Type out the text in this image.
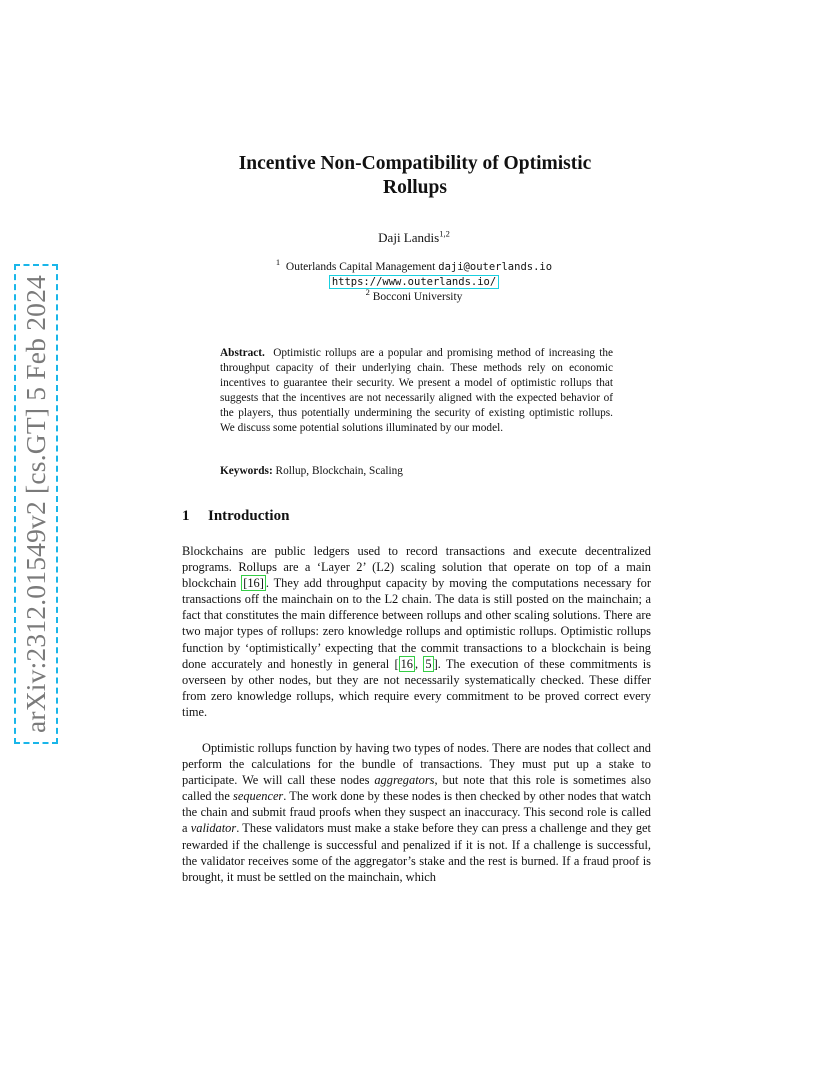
arXiv:2312.01549v2 [cs.GT] 5 Feb 2024
Incentive Non-Compatibility of Optimistic
Rollups
Daji Landis$^{1,2}$
$^1$ Outerlands Capital Management daji@outerlands.io
https://www.outerlands.io/
$^2$ Bocconi University

Abstract. Optimistic rollups are a popular and promising method of increasing the throughput capacity of their underlying chain. These methods rely on economic incentives to guarantee their security. We present a model of optimistic rollups that suggests that the incentives are not necessarily aligned with the expected behavior of the players, thus potentially undermining the security of existing optimistic rollups. We discuss some potential solutions illuminated by our model.

Keywords: Rollup, Blockchain, Scaling

1 Introduction

Blockchains are public ledgers used to record transactions and execute decentralized programs. Rollups are a ‘Layer 2’ (L2) scaling solution that operate on top of a main blockchain [16] . They add throughput capacity by moving the computations necessary for transactions off the mainchain on to the L2 chain. The data is still posted on the mainchain; a fact that constitutes the main difference between rollups and other scaling solutions. There are two major types of rollups: zero knowledge rollups and optimistic rollups. Optimistic rollups function by ‘optimistically’ expecting that the commit transactions to a blockchain is being done accurately and honestly in general [ 16 , 5 ]. The execution of these commitments is overseen by other nodes, but they are not necessarily systematically checked. These differ from zero knowledge rollups, which require every commitment to be proved correct every time.

Optimistic rollups function by having two types of nodes. There are nodes that collect and perform the calculations for the bundle of transactions. They must put up a stake to participate. We will call these nodes aggregators, but note that this role is sometimes also called the sequencer. The work done by these nodes is then checked by other nodes that watch the chain and submit fraud proofs when they suspect an inaccuracy. This second role is called a validator. These validators must make a stake before they can press a challenge and they get rewarded if the challenge is successful and penalized if it is not. If a challenge is successful, the validator receives some of the aggregator’s stake and the rest is burned. If a fraud proof is brought, it must be settled on the mainchain, which
